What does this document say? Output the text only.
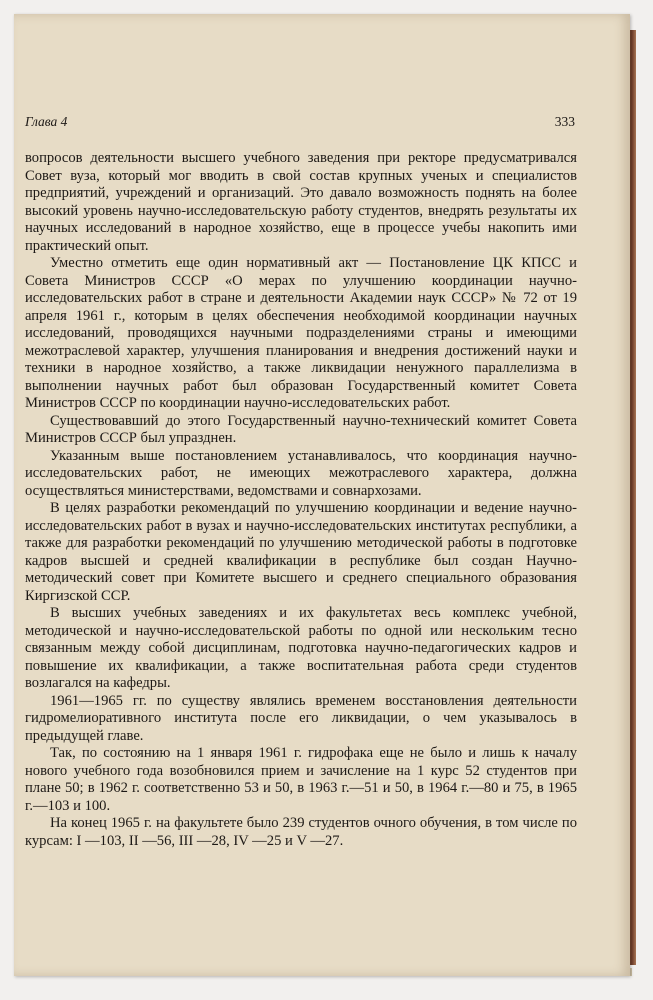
Глава 4	333

вопросов деятельности высшего учебного заведения при ректоре предусматривался Совет вуза, который мог вводить в свой состав крупных ученых и специалистов предприятий, учреждений и организаций. Это давало возможность поднять на более высокий уровень научно-исследовательскую работу студентов, внедрять результаты их научных исследований в народное хозяйство, еще в процессе учебы накопить ими практический опыт.

Уместно отметить еще один нормативный акт — Постановление ЦК КПСС и Совета Министров СССР «О мерах по улучшению координации научно-исследовательских работ в стране и деятельности Академии наук СССР» № 72 от 19 апреля 1961 г., которым в целях обеспечения необходимой координации научных исследований, проводящихся научными подразделениями страны и имеющими межотраслевой характер, улучшения планирования и внедрения достижений науки и техники в народное хозяйство, а также ликвидации ненужного параллелизма в выполнении научных работ был образован Государственный комитет Совета Министров СССР по координации научно-исследовательских работ.

Существовавший до этого Государственный научно-технический комитет Совета Министров СССР был упразднен.

Указанным выше постановлением устанавливалось, что координация научно-исследовательских работ, не имеющих межотраслевого характера, должна осуществляться министерствами, ведомствами и совнархозами.

В целях разработки рекомендаций по улучшению координации и ведение научно-исследовательских работ в вузах и научно-исследовательских институтах республики, а также для разработки рекомендаций по улучшению методической работы в подготовке кадров высшей и средней квалификации в республике был создан Научно-методический совет при Комитете высшего и среднего специального образования Киргизской ССР.

В высших учебных заведениях и их факультетах весь комплекс учебной, методической и научно-исследовательской работы по одной или нескольким тесно связанным между собой дисциплинам, подготовка научно-педагогических кадров и повышение их квалификации, а также воспитательная работа среди студентов возлагался на кафедры.

1961—1965 гг. по существу являлись временем восстановления деятельности гидромелиоративного института после его ликвидации, о чем указывалось в предыдущей главе.

Так, по состоянию на 1 января 1961 г. гидрофака еще не было и лишь к началу нового учебного года возобновился прием и зачисление на 1 курс 52 студентов при плане 50; в 1962 г. соответственно 53 и 50, в 1963 г.—51 и 50, в 1964 г.—80 и 75, в 1965 г.—103 и 100.

На конец 1965 г. на факультете было 239 студентов очного обучения, в том числе по курсам: I —103, II —56, III —28, IV —25 и V —27.
